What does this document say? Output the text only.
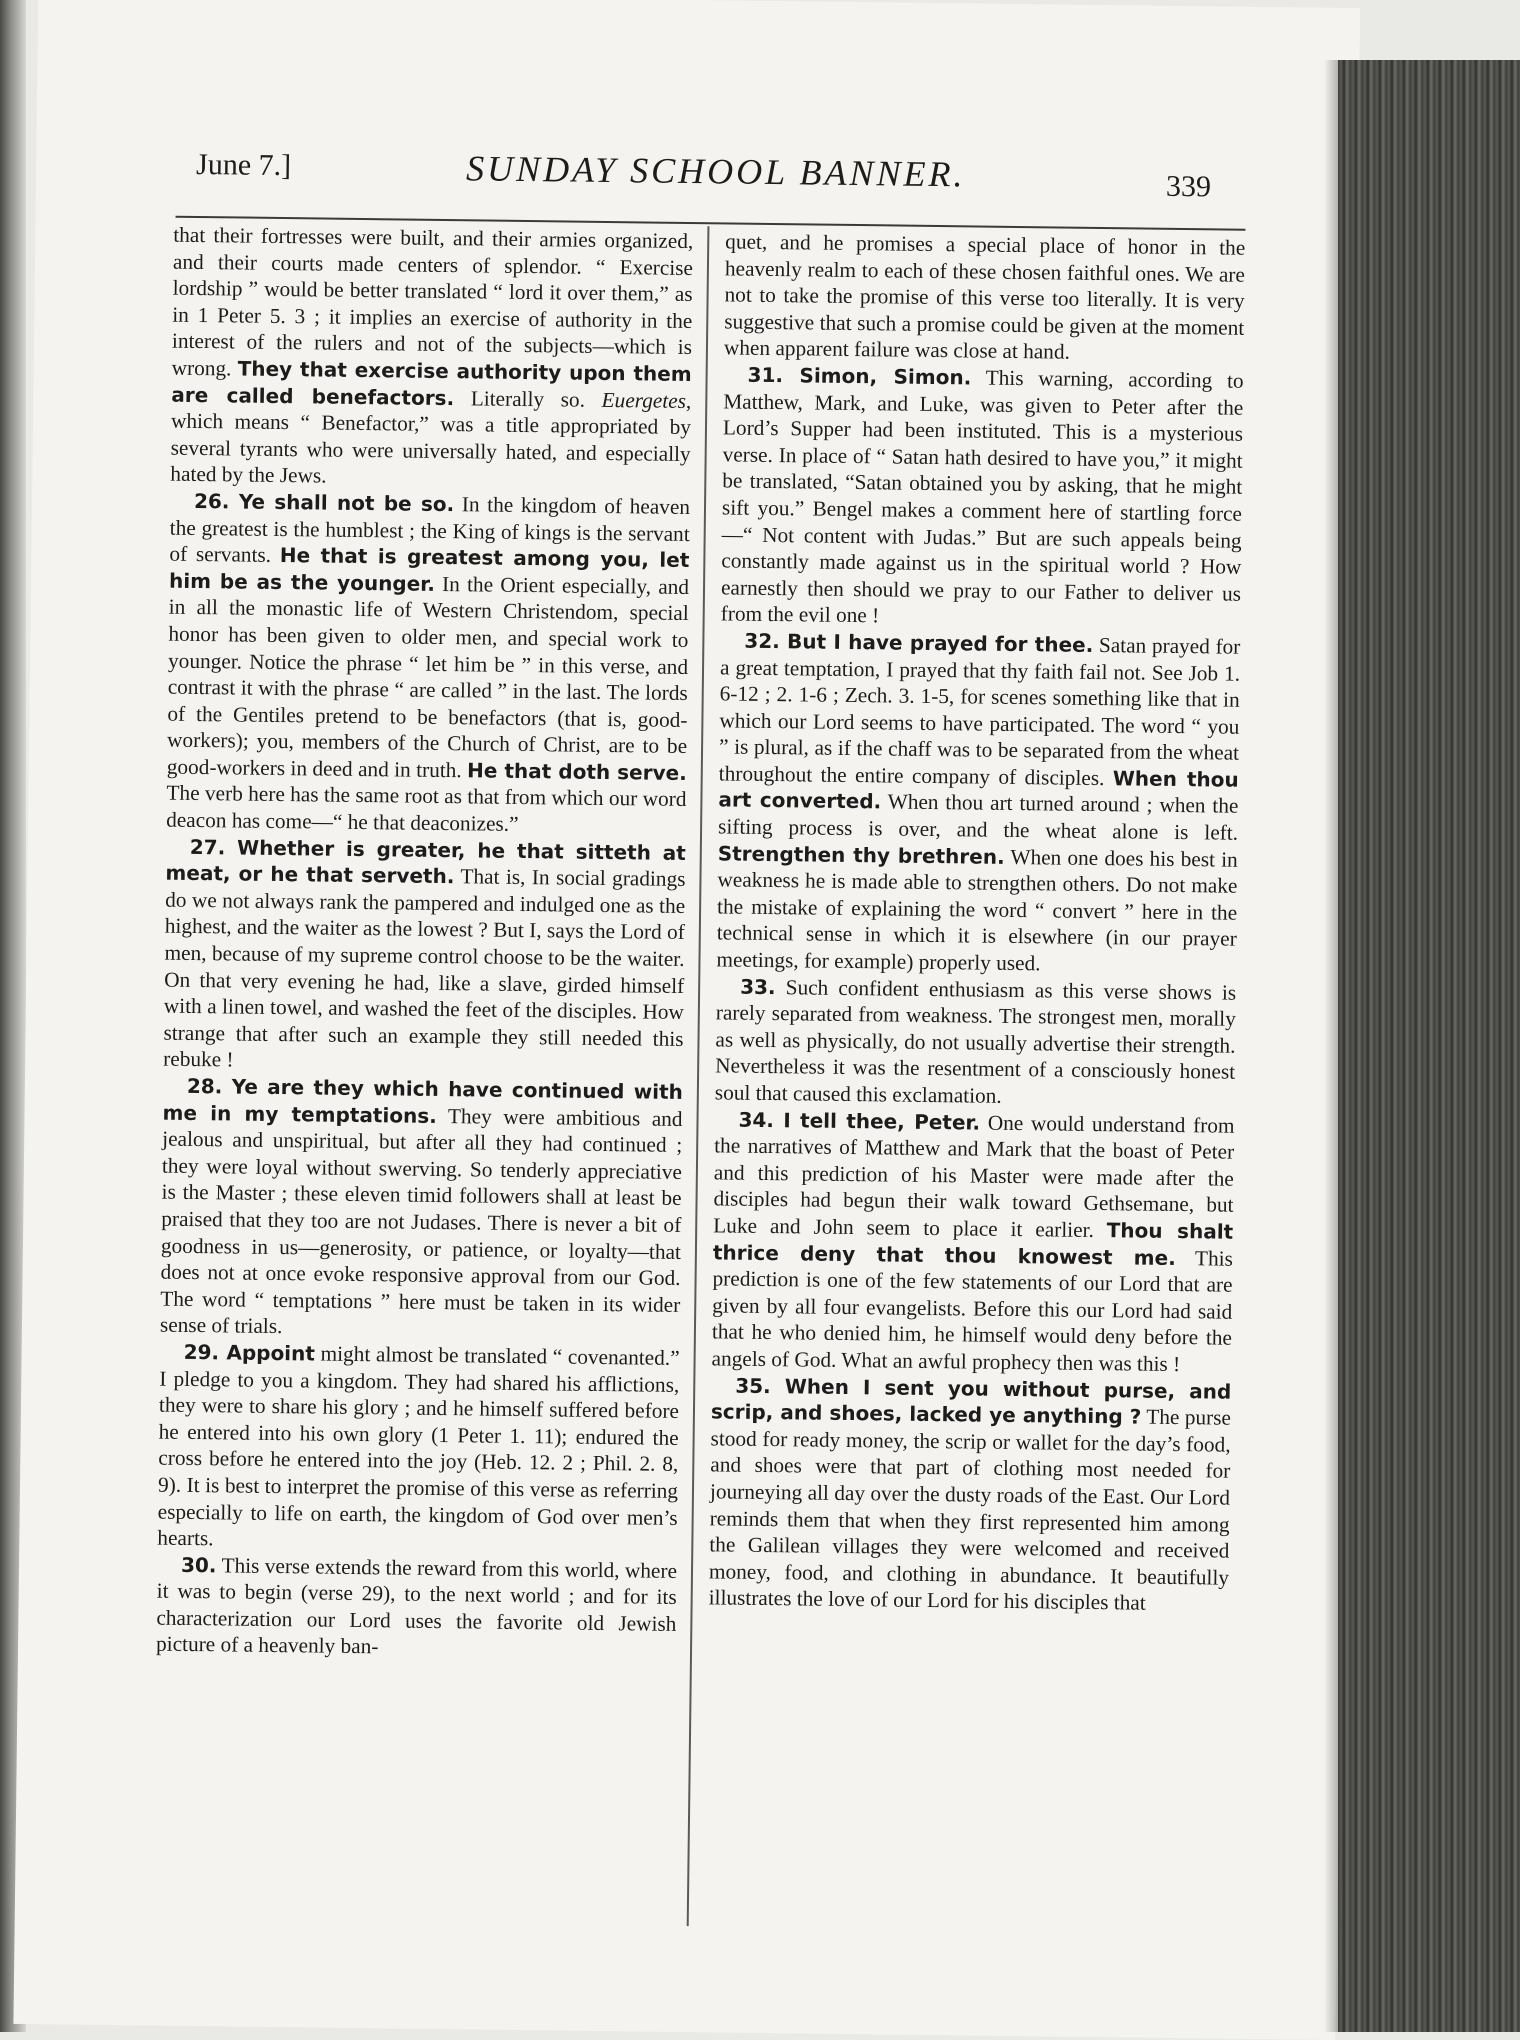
June 7.]	SUNDAY SCHOOL BANNER.	339

that their fortresses were built, and their armies organized, and their courts made centers of splendor. “ Exercise lordship ” would be better translated “ lord it over them,” as in 1 Peter 5. 3 ; it implies an exercise of authority in the interest of the rulers and not of the subjects—which is wrong. They that exercise authority upon them are called benefactors. Literally so. Euergetes, which means “ Benefactor,” was a title appropriated by several tyrants who were universally hated, and especially hated by the Jews.

26. Ye shall not be so. In the kingdom of heaven the greatest is the humblest ; the King of kings is the servant of servants. He that is greatest among you, let him be as the younger. In the Orient especially, and in all the monastic life of Western Christendom, special honor has been given to older men, and special work to younger. Notice the phrase “ let him be ” in this verse, and contrast it with the phrase “ are called ” in the last. The lords of the Gentiles pretend to be benefactors (that is, good-workers); you, members of the Church of Christ, are to be good-workers in deed and in truth. He that doth serve. The verb here has the same root as that from which our word deacon has come—“ he that deaconizes.”

27. Whether is greater, he that sitteth at meat, or he that serveth. That is, In social gradings do we not always rank the pampered and indulged one as the highest, and the waiter as the lowest ? But I, says the Lord of men, because of my supreme control choose to be the waiter. On that very evening he had, like a slave, girded himself with a linen towel, and washed the feet of the disciples. How strange that after such an example they still needed this rebuke !

28. Ye are they which have continued with me in my temptations. They were ambitious and jealous and unspiritual, but after all they had continued ; they were loyal without swerving. So tenderly appreciative is the Master ; these eleven timid followers shall at least be praised that they too are not Judases. There is never a bit of goodness in us—generosity, or patience, or loyalty—that does not at once evoke responsive approval from our God. The word “ temptations ” here must be taken in its wider sense of trials.

29. Appoint might almost be translated “ covenanted.” I pledge to you a kingdom. They had shared his afflictions, they were to share his glory ; and he himself suffered before he entered into his own glory (1 Peter 1. 11); endured the cross before he entered into the joy (Heb. 12. 2 ; Phil. 2. 8, 9). It is best to interpret the promise of this verse as referring especially to life on earth, the kingdom of God over men’s hearts.

30. This verse extends the reward from this world, where it was to begin (verse 29), to the next world ; and for its characterization our Lord uses the favorite old Jewish picture of a heavenly ban-

quet, and he promises a special place of honor in the heavenly realm to each of these chosen faithful ones. We are not to take the promise of this verse too literally. It is very suggestive that such a promise could be given at the moment when apparent failure was close at hand.

31. Simon, Simon. This warning, according to Matthew, Mark, and Luke, was given to Peter after the Lord’s Supper had been instituted. This is a mysterious verse. In place of “ Satan hath desired to have you,” it might be translated, “Satan obtained you by asking, that he might sift you.” Bengel makes a comment here of startling force—“ Not content with Judas.” But are such appeals being constantly made against us in the spiritual world ? How earnestly then should we pray to our Father to deliver us from the evil one !

32. But I have prayed for thee. Satan prayed for a great temptation, I prayed that thy faith fail not. See Job 1. 6-12 ; 2. 1-6 ; Zech. 3. 1-5, for scenes something like that in which our Lord seems to have participated. The word “ you ” is plural, as if the chaff was to be separated from the wheat throughout the entire company of disciples. When thou art converted. When thou art turned around ; when the sifting process is over, and the wheat alone is left. Strengthen thy brethren. When one does his best in weakness he is made able to strengthen others. Do not make the mistake of explaining the word “ convert ” here in the technical sense in which it is elsewhere (in our prayer meetings, for example) properly used.

33. Such confident enthusiasm as this verse shows is rarely separated from weakness. The strongest men, morally as well as physically, do not usually advertise their strength. Nevertheless it was the resentment of a consciously honest soul that caused this exclamation.

34. I tell thee, Peter. One would understand from the narratives of Matthew and Mark that the boast of Peter and this prediction of his Master were made after the disciples had begun their walk toward Gethsemane, but Luke and John seem to place it earlier. Thou shalt thrice deny that thou knowest me. This prediction is one of the few statements of our Lord that are given by all four evangelists. Before this our Lord had said that he who denied him, he himself would deny before the angels of God. What an awful prophecy then was this !

35. When I sent you without purse, and scrip, and shoes, lacked ye anything ? The purse stood for ready money, the scrip or wallet for the day’s food, and shoes were that part of clothing most needed for journeying all day over the dusty roads of the East. Our Lord reminds them that when they first represented him among the Galilean villages they were welcomed and received money, food, and clothing in abundance. It beautifully illustrates the love of our Lord for his disciples that
